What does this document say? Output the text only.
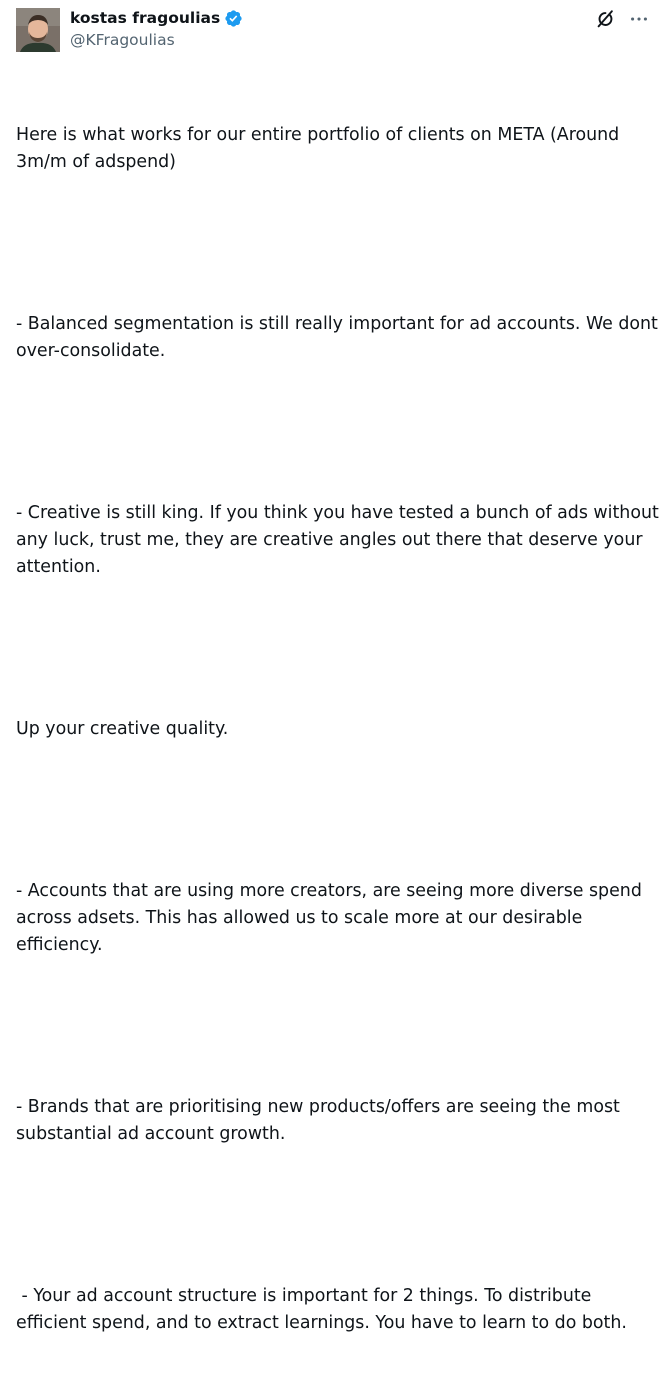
kostas fragoulias
@KFragoulias

Here is what works for our entire portfolio of clients on META (Around 3m/m of adspend)

- Balanced segmentation is still really important for ad accounts. We dont over-consolidate.

- Creative is still king. If you think you have tested a bunch of ads without any luck, trust me, they are creative angles out there that deserve your attention.

Up your creative quality.

- Accounts that are using more creators, are seeing more diverse spend across adsets. This has allowed us to scale more at our desirable efficiency.

- Brands that are prioritising new products/offers are seeing the most substantial ad account growth.

- Your ad account structure is important for 2 things. To distribute efficient spend, and to extract learnings. You have to learn to do both.
